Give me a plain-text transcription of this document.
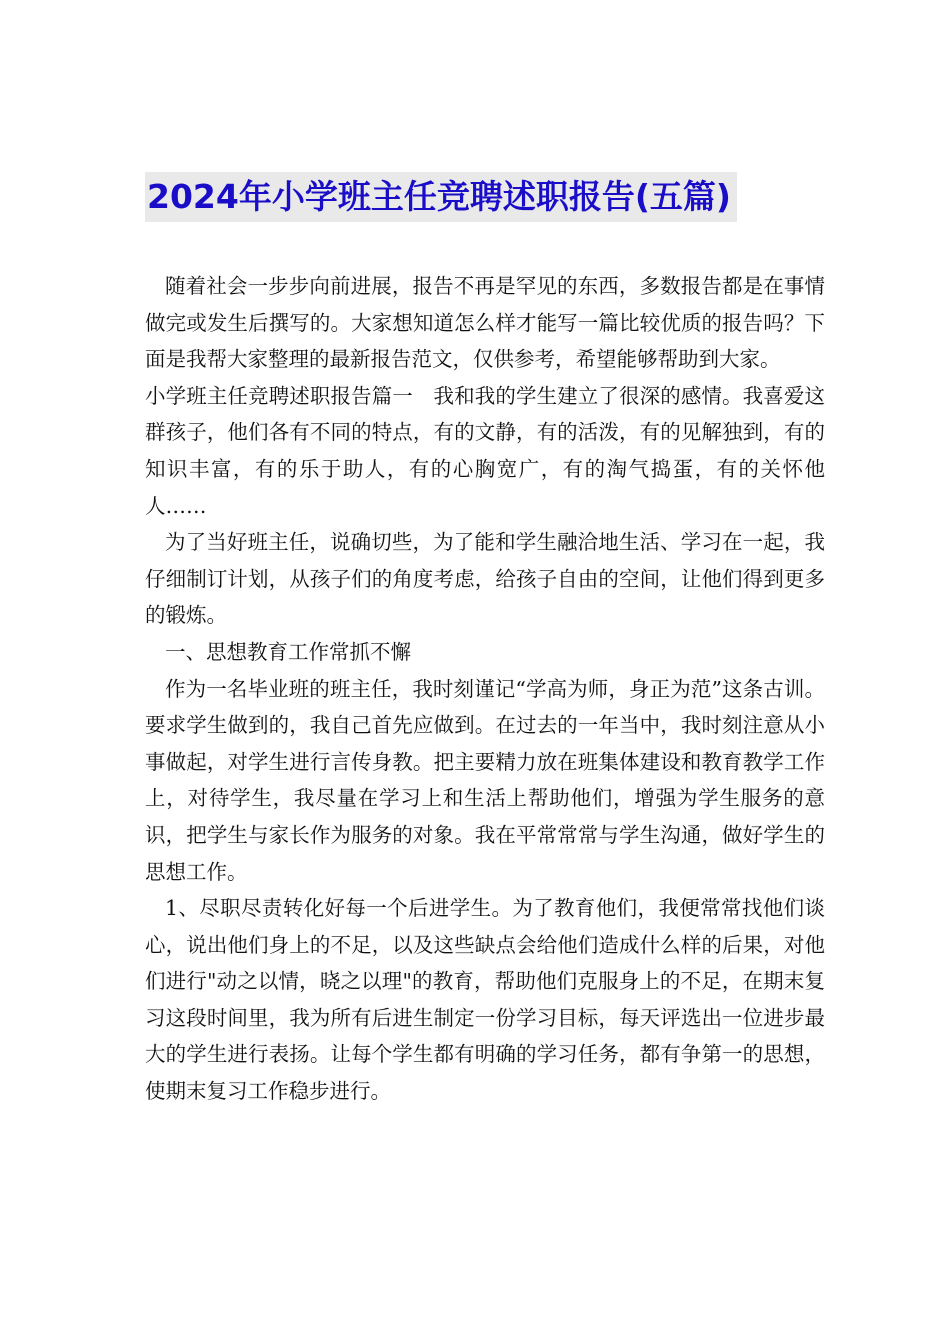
2024年小学班主任竞聘述职报告(五篇)

随着社会一步步向前进展，报告不再是罕见的东西，多数报告都是在事情做完或发生后撰写的。大家想知道怎么样才能写一篇比较优质的报告吗？下面是我帮大家整理的最新报告范文，仅供参考，希望能够帮助到大家。

小学班主任竞聘述职报告篇一　我和我的学生建立了很深的感情。我喜爱这群孩子，他们各有不同的特点，有的文静，有的活泼，有的见解独到，有的知识丰富，有的乐于助人，有的心胸宽广，有的淘气捣蛋，有的关怀他人……

为了当好班主任，说确切些，为了能和学生融洽地生活、学习在一起，我仔细制订计划，从孩子们的角度考虑，给孩子自由的空间，让他们得到更多的锻炼。

一、思想教育工作常抓不懈

作为一名毕业班的班主任，我时刻谨记“学高为师，身正为范”这条古训。要求学生做到的，我自己首先应做到。在过去的一年当中，我时刻注意从小事做起，对学生进行言传身教。把主要精力放在班集体建设和教育教学工作上，对待学生，我尽量在学习上和生活上帮助他们，增强为学生服务的意识，把学生与家长作为服务的对象。我在平常常常与学生沟通，做好学生的思想工作。

1、尽职尽责转化好每一个后进学生。为了教育他们，我便常常找他们谈心，说出他们身上的不足，以及这些缺点会给他们造成什么样的后果，对他们进行"动之以情，晓之以理"的教育，帮助他们克服身上的不足，在期末复习这段时间里，我为所有后进生制定一份学习目标，每天评选出一位进步最大的学生进行表扬。让每个学生都有明确的学习任务，都有争第一的思想，使期末复习工作稳步进行。
